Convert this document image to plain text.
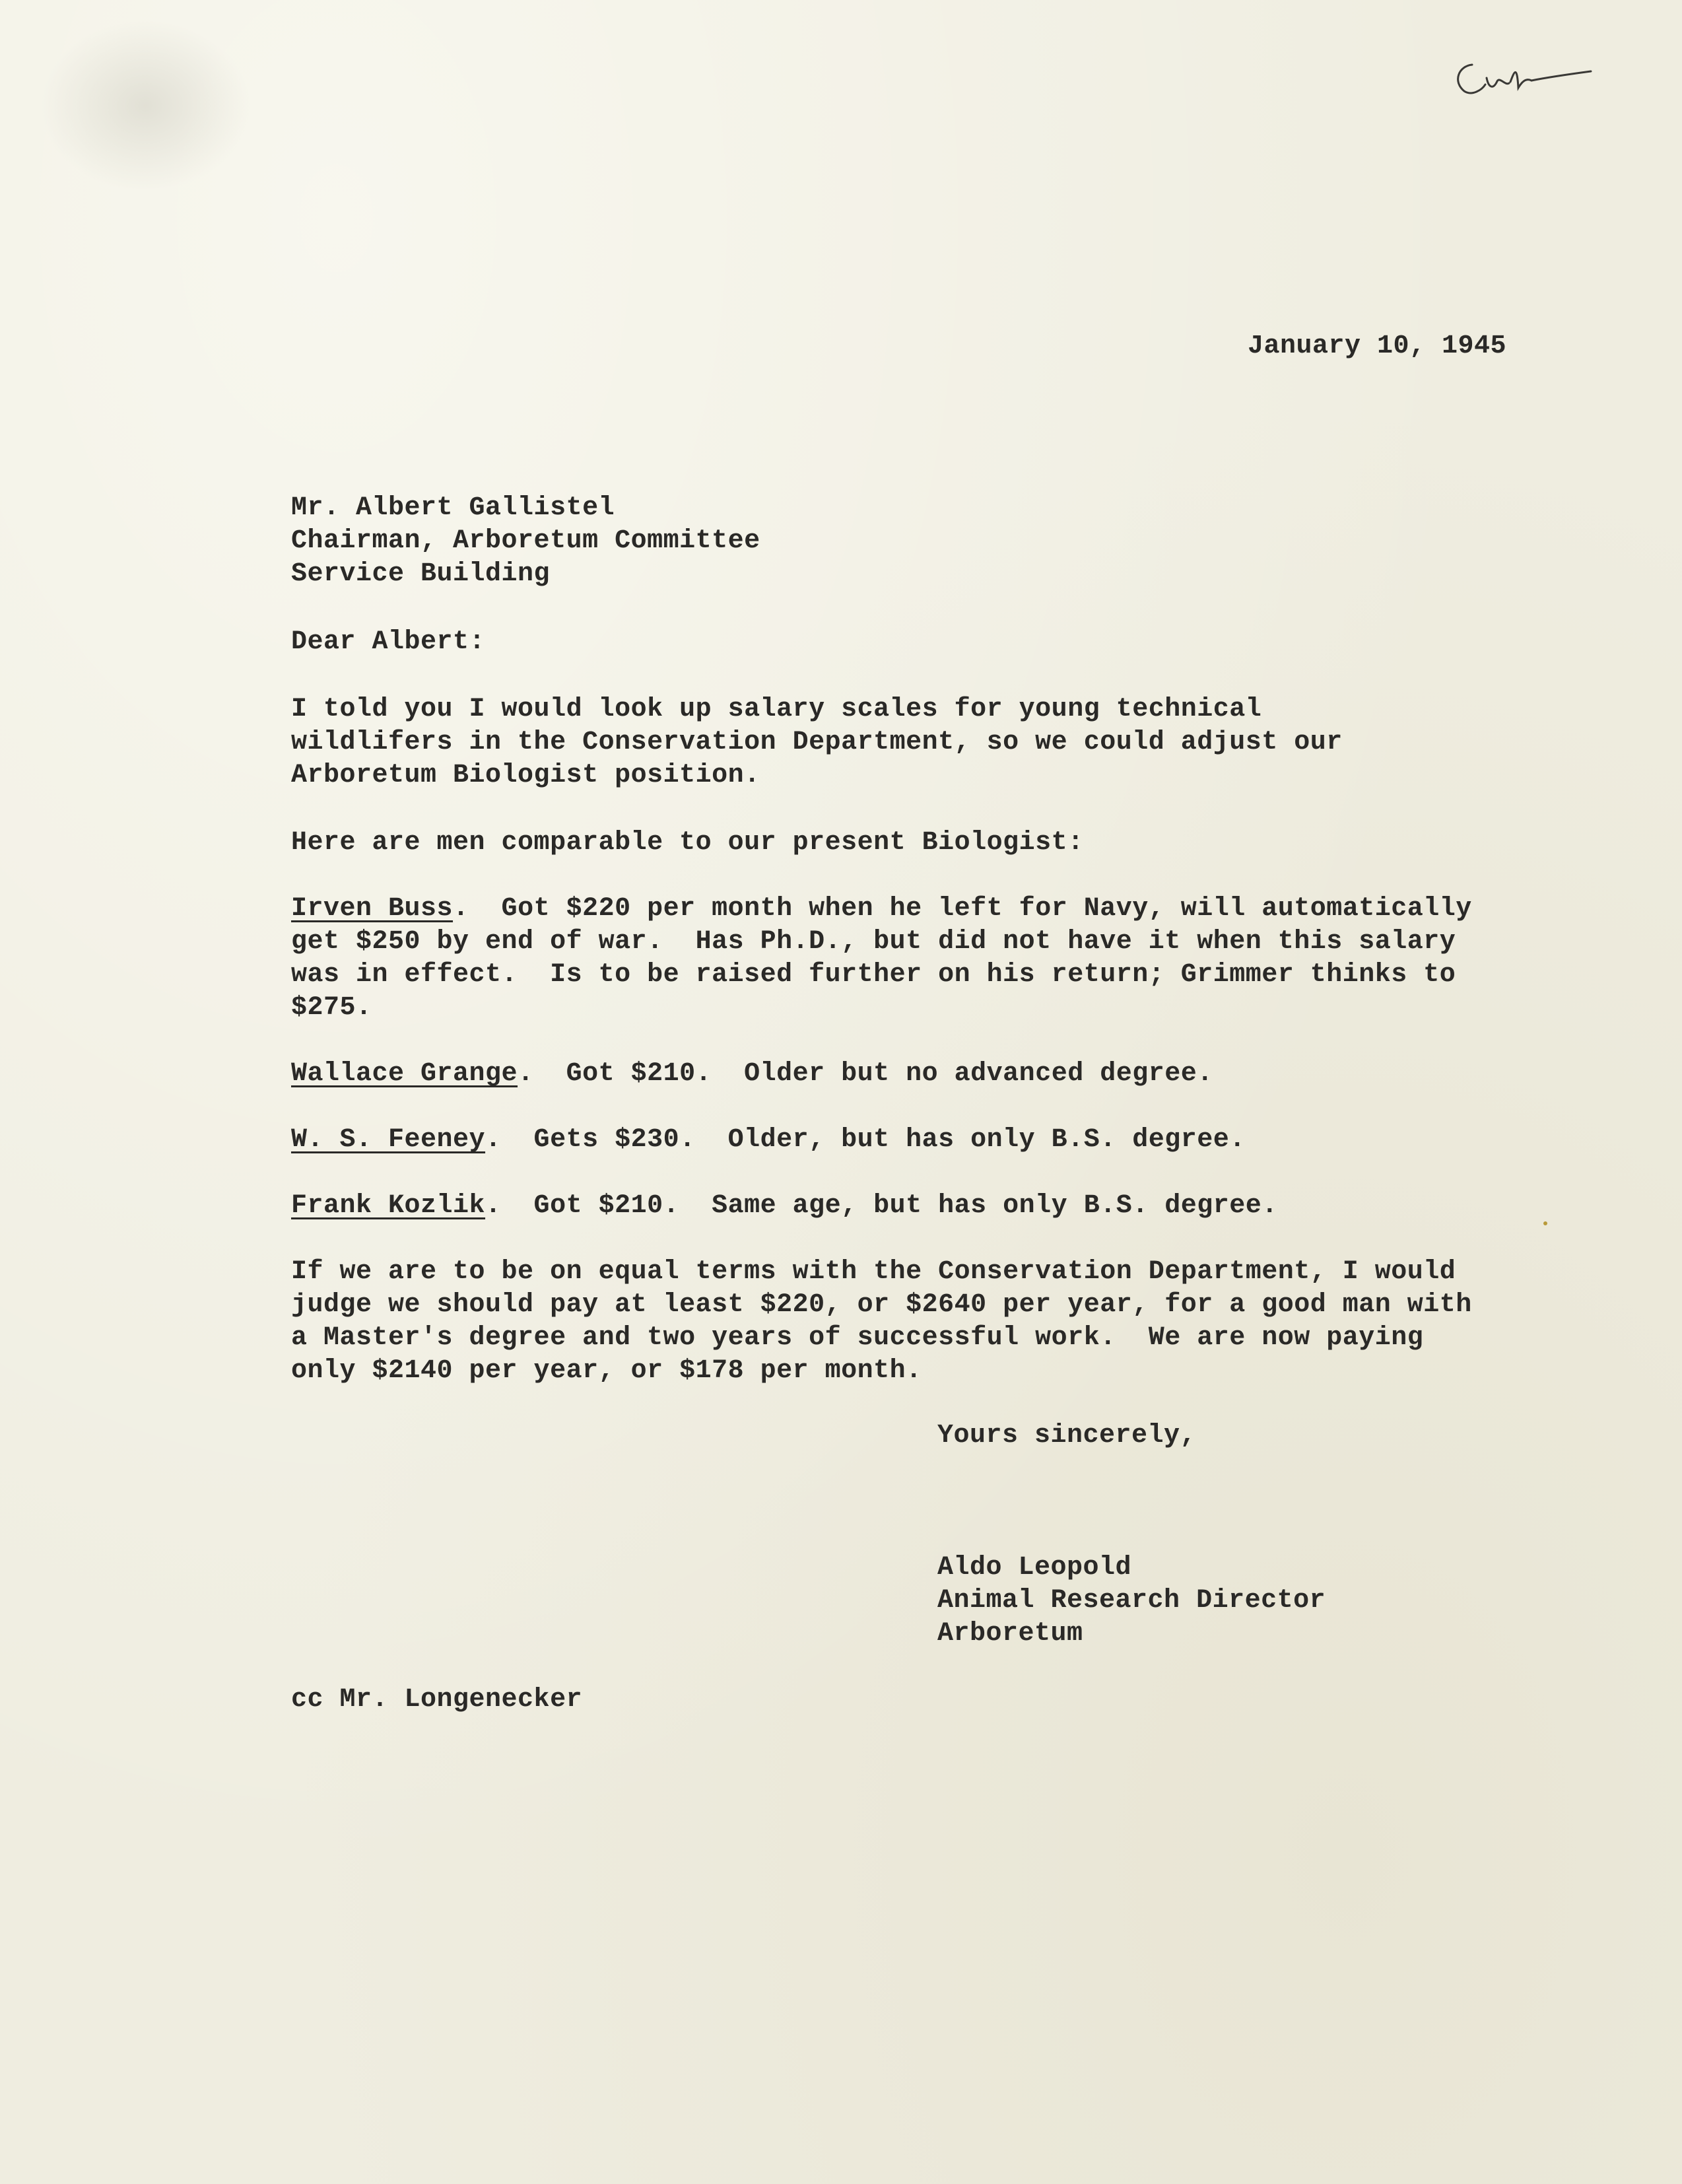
January 10, 1945
Mr. Albert Gallistel
Chairman, Arboretum Committee
Service Building
Dear Albert:
I told you I would look up salary scales for young technical
wildlifers in the Conservation Department, so we could adjust our
Arboretum Biologist position.
Here are men comparable to our present Biologist:
Irven Buss.  Got $220 per month when he left for Navy, will automatically
get $250 by end of war.  Has Ph.D., but did not have it when this salary
was in effect.  Is to be raised further on his return; Grimmer thinks to
$275.
Wallace Grange.  Got $210.  Older but no advanced degree.
W. S. Feeney.  Gets $230.  Older, but has only B.S. degree.
Frank Kozlik.  Got $210.  Same age, but has only B.S. degree.
If we are to be on equal terms with the Conservation Department, I would
judge we should pay at least $220, or $2640 per year, for a good man with
a Master's degree and two years of successful work.  We are now paying
only $2140 per year, or $178 per month.
Yours sincerely,
Aldo Leopold
Animal Research Director
Arboretum
cc Mr. Longenecker
